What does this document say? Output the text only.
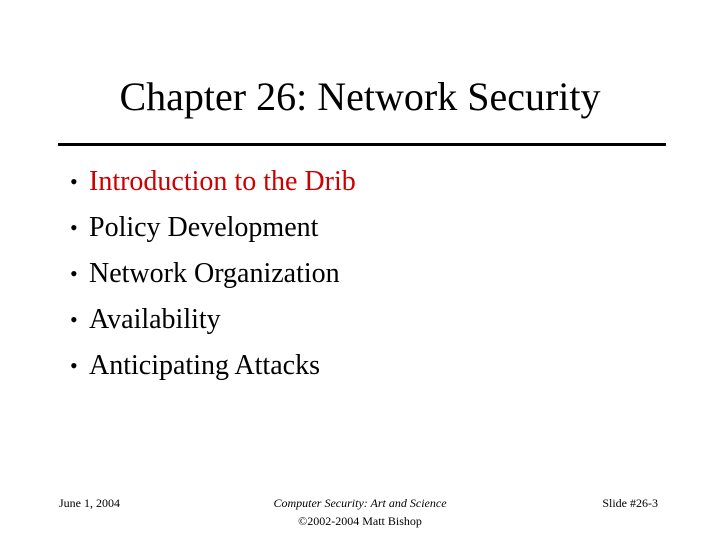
Chapter 26: Network Security
• Introduction to the Drib
• Policy Development
• Network Organization
• Availability
• Anticipating Attacks
June 1, 2004	Computer Security: Art and Science
©2002-2004 Matt Bishop
Slide #26-3
